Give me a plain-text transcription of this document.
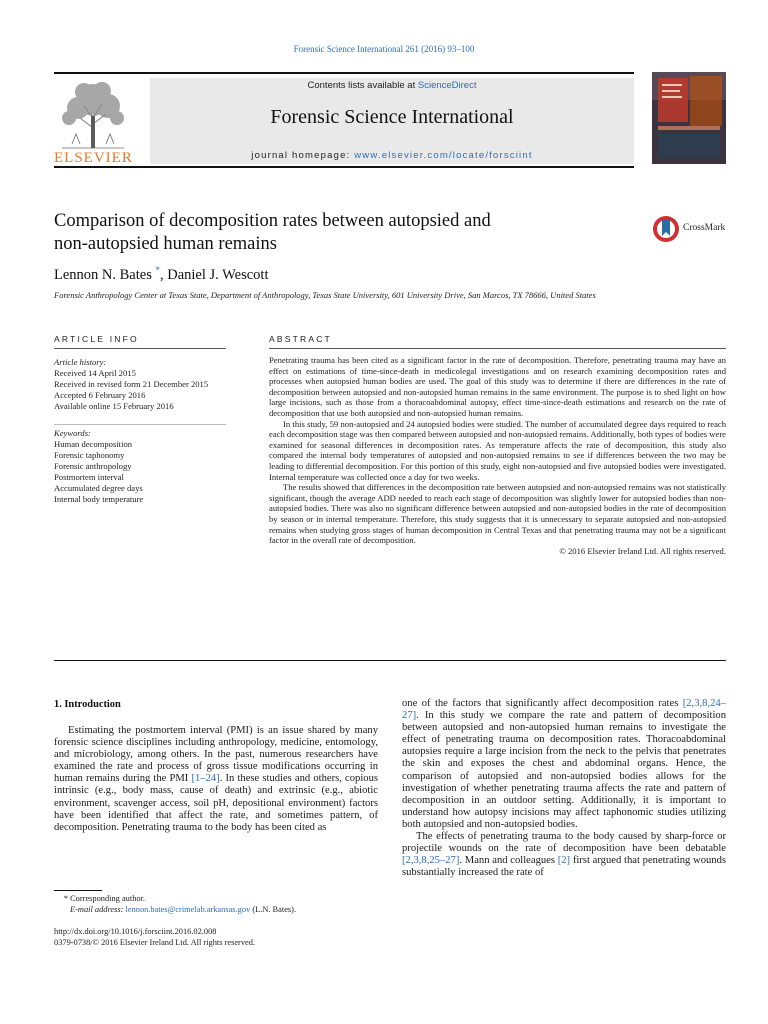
Forensic Science International 261 (2016) 93–100
ELSEVIER
Contents lists available at ScienceDirect
Forensic Science International
journal homepage: www.elsevier.com/locate/forsciint
Comparison of decomposition rates between autopsied and
non-autopsied human remains
CrossMark
Lennon N. Bates *, Daniel J. Wescott
Forensic Anthropology Center at Texas State, Department of Anthropology, Texas State University, 601 University Drive, San Marcos, TX 78666, United States
ARTICLE INFO	ABSTRACT
Article history:
Received 14 April 2015
Received in revised form 21 December 2015
Accepted 6 February 2016
Available online 15 February 2016
Keywords:
Human decomposition
Forensic taphonomy
Forensic anthropology
Postmortem interval
Accumulated degree days
Internal body temperature

Penetrating trauma has been cited as a significant factor in the rate of decomposition. Therefore, penetrating trauma may have an effect on estimations of time-since-death in medicolegal investigations and on research examining decomposition rates and processes when autopsied human bodies are used. The goal of this study was to determine if there are differences in the rate of decomposition between autopsied and non-autopsied human remains in the same environment. The purpose is to shed light on how large incisions, such as those from a thoracoabdominal autopsy, effect time-since-death estimations and research on the rate of decomposition that use both autopsied and non-autopsied human remains.

In this study, 59 non-autopsied and 24 autopsied bodies were studied. The number of accumulated degree days required to reach each decomposition stage was then compared between autopsied and non-autopsied remains. Additionally, both types of bodies were examined for seasonal differences in decomposition rates. As temperature affects the rate of decomposition, this study also compared the internal body temperatures of autopsied and non-autopsied remains to see if differences between the two may be leading to differential decomposition. For this portion of this study, eight non-autopsied and five autopsied bodies were investigated. Internal temperature was collected once a day for two weeks.

The results showed that differences in the decomposition rate between autopsied and non-autopsied remains was not statistically significant, though the average ADD needed to reach each stage of decomposition was slightly lower for autopsied bodies than non-autopsied bodies. There was also no significant difference between autopsied and non-autopsied bodies in the rate of decomposition by season or in internal temperature. Therefore, this study suggests that it is unnecessary to separate autopsied and non-autopsied remains when studying gross stages of human decomposition in Central Texas and that penetrating trauma may not be a significant factor in the overall rate of decomposition.

© 2016 Elsevier Ireland Ltd. All rights reserved.

1. Introduction

Estimating the postmortem interval (PMI) is an issue shared by many forensic science disciplines including anthropology, medicine, entomology, and microbiology, among others. In the past, numerous researchers have examined the rate and process of gross tissue modifications occurring in human remains during the PMI [1–24]. In these studies and others, copious intrinsic (e.g., body mass, cause of death) and extrinsic (e.g., abiotic environment, scavenger access, soil pH, depositional environment) factors have been identified that affect the rate, and sometimes pattern, of decomposition. Penetrating trauma to the body has been cited as

one of the factors that significantly affect decomposition rates [2,3,8,24–27]. In this study we compare the rate and pattern of decomposition between autopsied and non-autopsied human remains to investigate the effect of penetrating trauma on decomposition rates. Thoracoabdominal autopsies require a large incision from the neck to the pelvis that penetrates the skin and exposes the chest and abdominal organs. Hence, the comparison of autopsied and non-autopsied bodies allows for the investigation of whether penetrating trauma affects the rate and pattern of decomposition in an outdoor setting. Additionally, it is important to understand how autopsy incisions may affect taphonomic studies utilizing both autopsied and non-autopsied bodies.

The effects of penetrating trauma to the body caused by sharp-force or projectile wounds on the rate of decomposition have been debatable [2,3,8,25–27]. Mann and colleagues [2] first argued that penetrating wounds substantially increased the rate of

* Corresponding author.
E-mail address: lennon.bates@crimelab.arkansas.gov (L.N. Bates).
http://dx.doi.org/10.1016/j.forsciint.2016.02.008
0379-0738/© 2016 Elsevier Ireland Ltd. All rights reserved.
